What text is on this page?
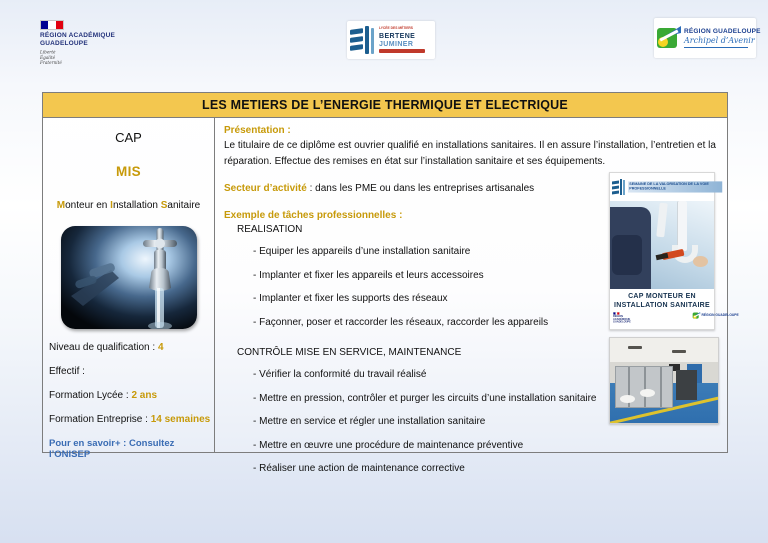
RÉGION ACADÉMIQUE
GUADELOUPE
Liberté
Égalité
Fraternité
LYCÉE DES MÉTIERS
BERTENE
JUMINER
RÉGION GUADELOUPE
Archipel d’Avenir
LES METIERS DE L’ENERGIE THERMIQUE ET ELECTRIQUE
CAP
MIS
Monteur en Installation Sanitaire
Niveau de qualification : 4
Effectif :
Formation Lycée : 2 ans
Formation Entreprise : 14 semaines
Pour en savoir+ : Consultez l’ONISEP
Présentation :
Le titulaire de ce diplôme est ouvrier qualifié en installations sanitaires. Il en assure l’installation, l’entretien et la réparation. Effectue des remises en état sur l’installation sanitaire et ses équipements.
SEMAINE DE LA VALORISATION DE LA VOIE PROFESSIONNELLE
CAP MONTEUR EN INSTALLATION SANITAIRE
RÉGION ACADÉMIQUE
GUADELOUPE
RÉGION GUADELOUPE
Secteur d’activité : dans les PME ou dans les entreprises artisanales
Exemple de tâches professionnelles :
REALISATION
- Equiper les appareils d’une installation sanitaire
- Implanter et fixer les appareils et leurs accessoires
- Implanter et fixer les supports des réseaux
- Façonner, poser et raccorder les réseaux, raccorder les appareils
CONTRÔLE MISE EN SERVICE, MAINTENANCE
- Vérifier la conformité du travail réalisé
- Mettre en pression, contrôler et purger les circuits d’une installation sanitaire
- Mettre en service et régler une installation sanitaire
- Mettre en œuvre une procédure de maintenance préventive
- Réaliser une action de maintenance corrective
